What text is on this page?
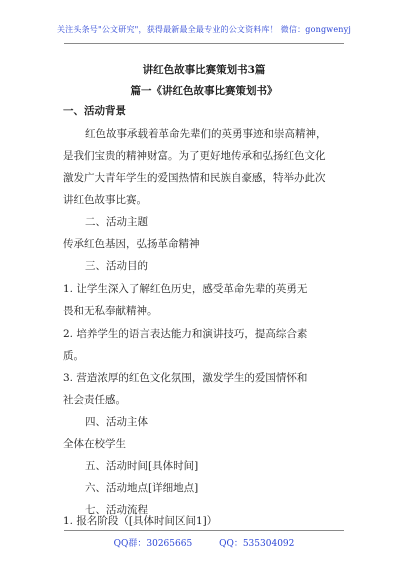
关注头条号"公文研究"，获得最新最全最专业的公文资料库！ 微信：gongwenyj
讲红色故事比赛策划书3篇
篇一《讲红色故事比赛策划书》
一、活动背景
红色故事承载着革命先辈们的英勇事迹和崇高精神，
是我们宝贵的精神财富。为了更好地传承和弘扬红色文化
激发广大青年学生的爱国热情和民族自豪感，特举办此次
讲红色故事比赛。
二、活动主题
传承红色基因，弘扬革命精神
三、活动目的
1. 让学生深入了解红色历史，感受革命先辈的英勇无
畏和无私奉献精神。
2. 培养学生的语言表达能力和演讲技巧，提高综合素
质。
3. 营造浓厚的红色文化氛围，激发学生的爱国情怀和
社会责任感。
四、活动主体
全体在校学生
五、活动时间[具体时间]
六、活动地点[详细地点]
七、活动流程
1. 报名阶段（[具体时间区间1]）
QQ群：30265665	QQ：535304092
